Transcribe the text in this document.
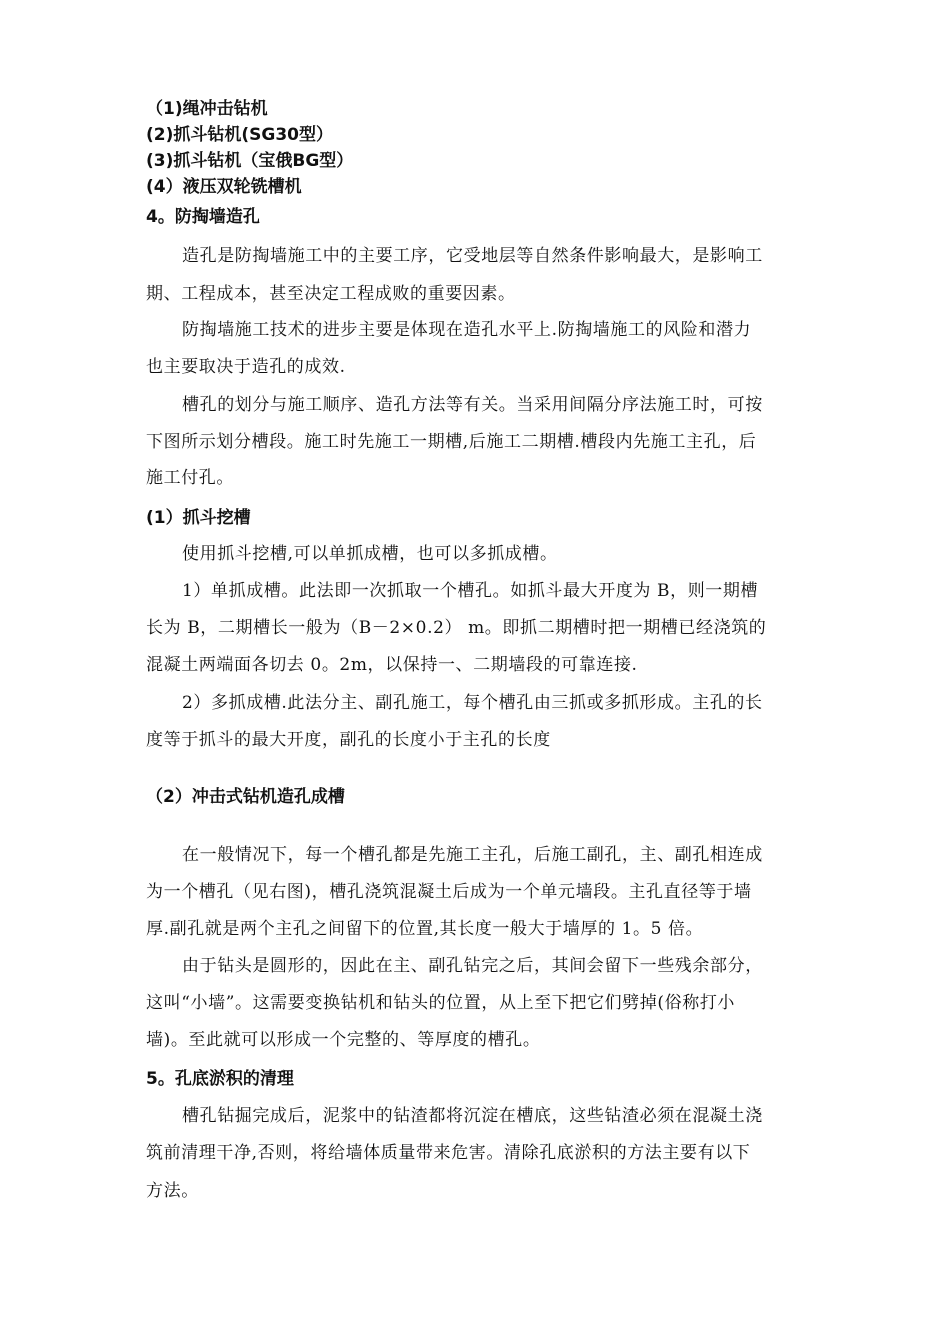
（1)绳冲击钻机
(2)抓斗钻机(SG30型）
(3)抓斗钻机（宝俄BG型）
(4）液压双轮铣槽机
4。防掏墙造孔
造孔是防掏墙施工中的主要工序，它受地层等自然条件影响最大，是影响工
期、工程成本，甚至决定工程成败的重要因素。
防掏墙施工技术的进步主要是体现在造孔水平上.防掏墙施工的风险和潜力
也主要取决于造孔的成效.
槽孔的划分与施工顺序、造孔方法等有关。当采用间隔分序法施工时，可按
下图所示划分槽段。施工时先施工一期槽,后施工二期槽.槽段内先施工主孔，后
施工付孔。
(1）抓斗挖槽
使用抓斗挖槽,可以单抓成槽，也可以多抓成槽。
1）单抓成槽。此法即一次抓取一个槽孔。如抓斗最大开度为 B，则一期槽
长为 B，二期槽长一般为（B－2×0.2） m。即抓二期槽时把一期槽已经浇筑的
混凝土两端面各切去 0。2m，以保持一、二期墙段的可靠连接.
2）多抓成槽.此法分主、副孔施工，每个槽孔由三抓或多抓形成。主孔的长
度等于抓斗的最大开度，副孔的长度小于主孔的长度
（2）冲击式钻机造孔成槽
在一般情况下，每一个槽孔都是先施工主孔，后施工副孔，主、副孔相连成
为一个槽孔（见右图)，槽孔浇筑混凝土后成为一个单元墙段。主孔直径等于墙
厚.副孔就是两个主孔之间留下的位置,其长度一般大于墙厚的 1。5 倍。
由于钻头是圆形的，因此在主、副孔钻完之后，其间会留下一些残余部分，
这叫“小墙”。这需要变换钻机和钻头的位置，从上至下把它们劈掉(俗称打小
墙)。至此就可以形成一个完整的、等厚度的槽孔。
5。孔底淤积的清理
槽孔钻掘完成后，泥浆中的钻渣都将沉淀在槽底，这些钻渣必须在混凝土浇
筑前清理干净,否则，将给墙体质量带来危害。清除孔底淤积的方法主要有以下
方法。
